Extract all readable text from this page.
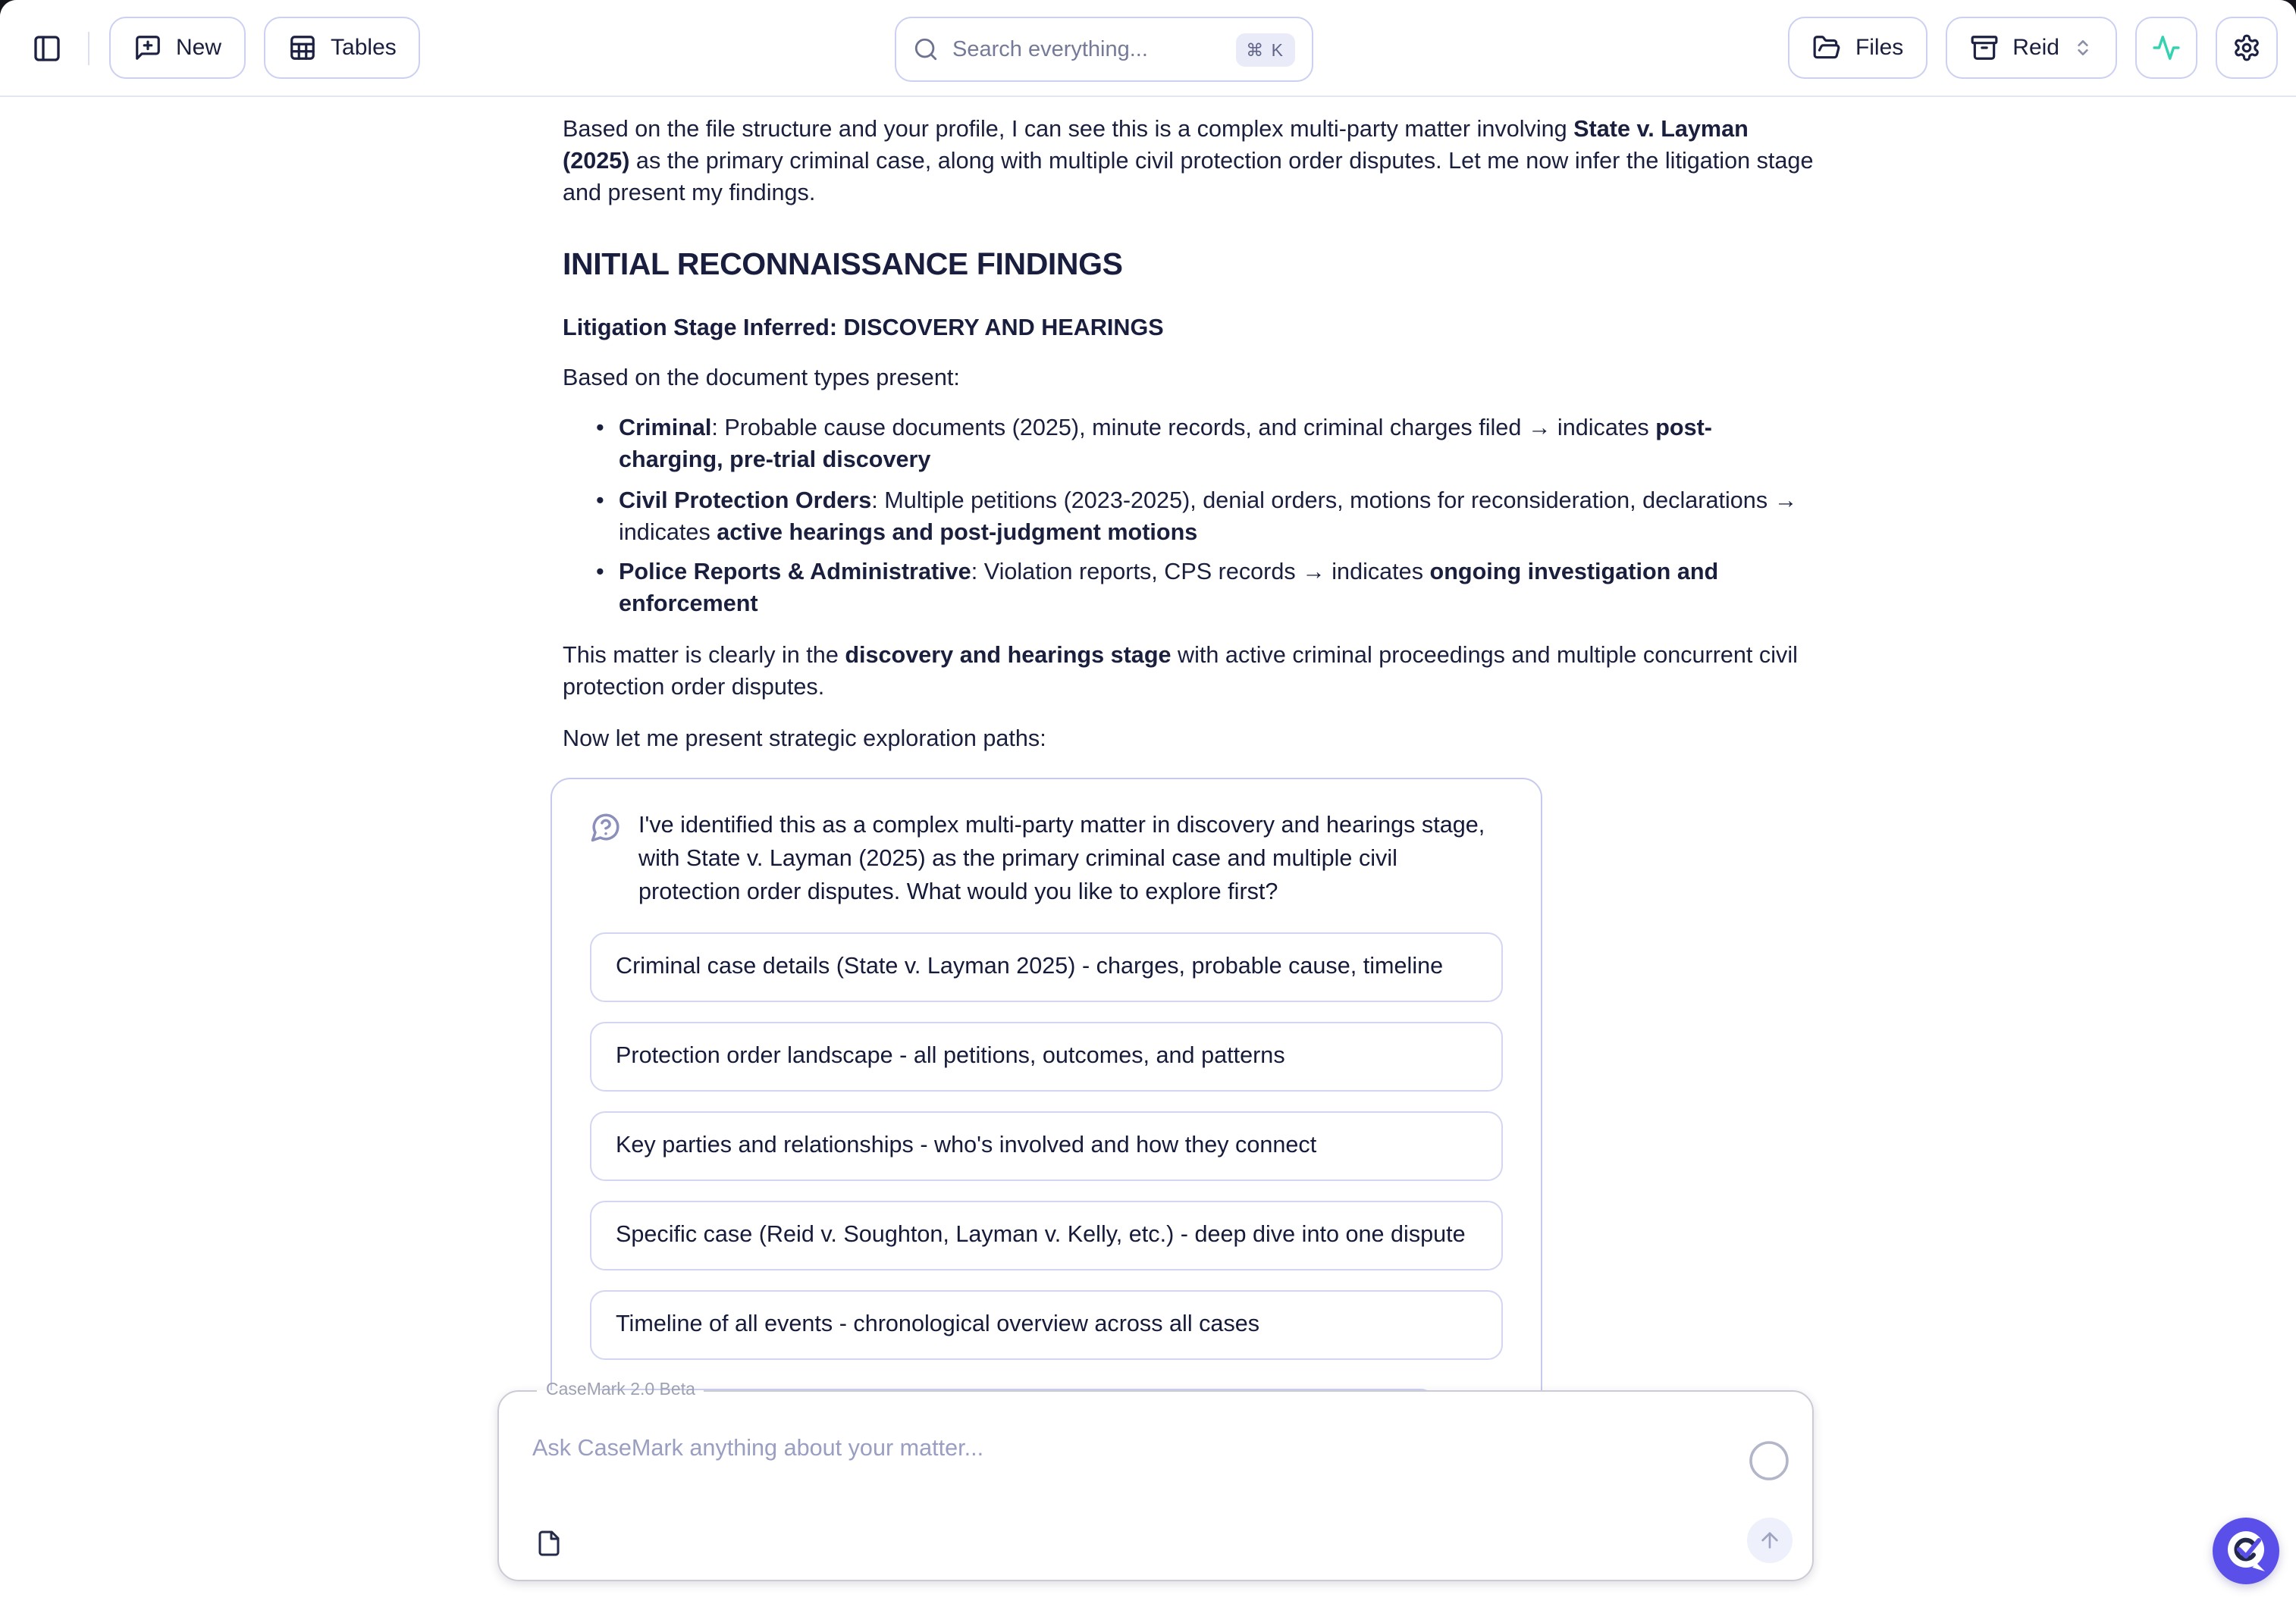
New	Tables	Search everything...	⌘ K	Files	Reid

Based on the file structure and your profile, I can see this is a complex multi-party matter involving State v. Layman (2025) as the primary criminal case, along with multiple civil protection order disputes. Let me now infer the litigation stage and present my findings.

INITIAL RECONNAISSANCE FINDINGS
Litigation Stage Inferred: DISCOVERY AND HEARINGS

Based on the document types present:

• Criminal: Probable cause documents (2025), minute records, and criminal charges filed → indicates post-charging, pre-trial discovery
• Civil Protection Orders: Multiple petitions (2023-2025), denial orders, motions for reconsideration, declarations → indicates active hearings and post-judgment motions
• Police Reports & Administrative: Violation reports, CPS records → indicates ongoing investigation and enforcement

This matter is clearly in the discovery and hearings stage with active criminal proceedings and multiple concurrent civil protection order disputes.

Now let me present strategic exploration paths:

I've identified this as a complex multi-party matter in discovery and hearings stage, with State v. Layman (2025) as the primary criminal case and multiple civil protection order disputes. What would you like to explore first?

Criminal case details (State v. Layman 2025) - charges, probable cause, timeline
Protection order landscape - all petitions, outcomes, and patterns
Key parties and relationships - who's involved and how they connect
Specific case (Reid v. Soughton, Layman v. Kelly, etc.) - deep dive into one dispute
Timeline of all events - chronological overview across all cases
something else...
CaseMark 2.0 Beta
Ask CaseMark anything about your matter...
